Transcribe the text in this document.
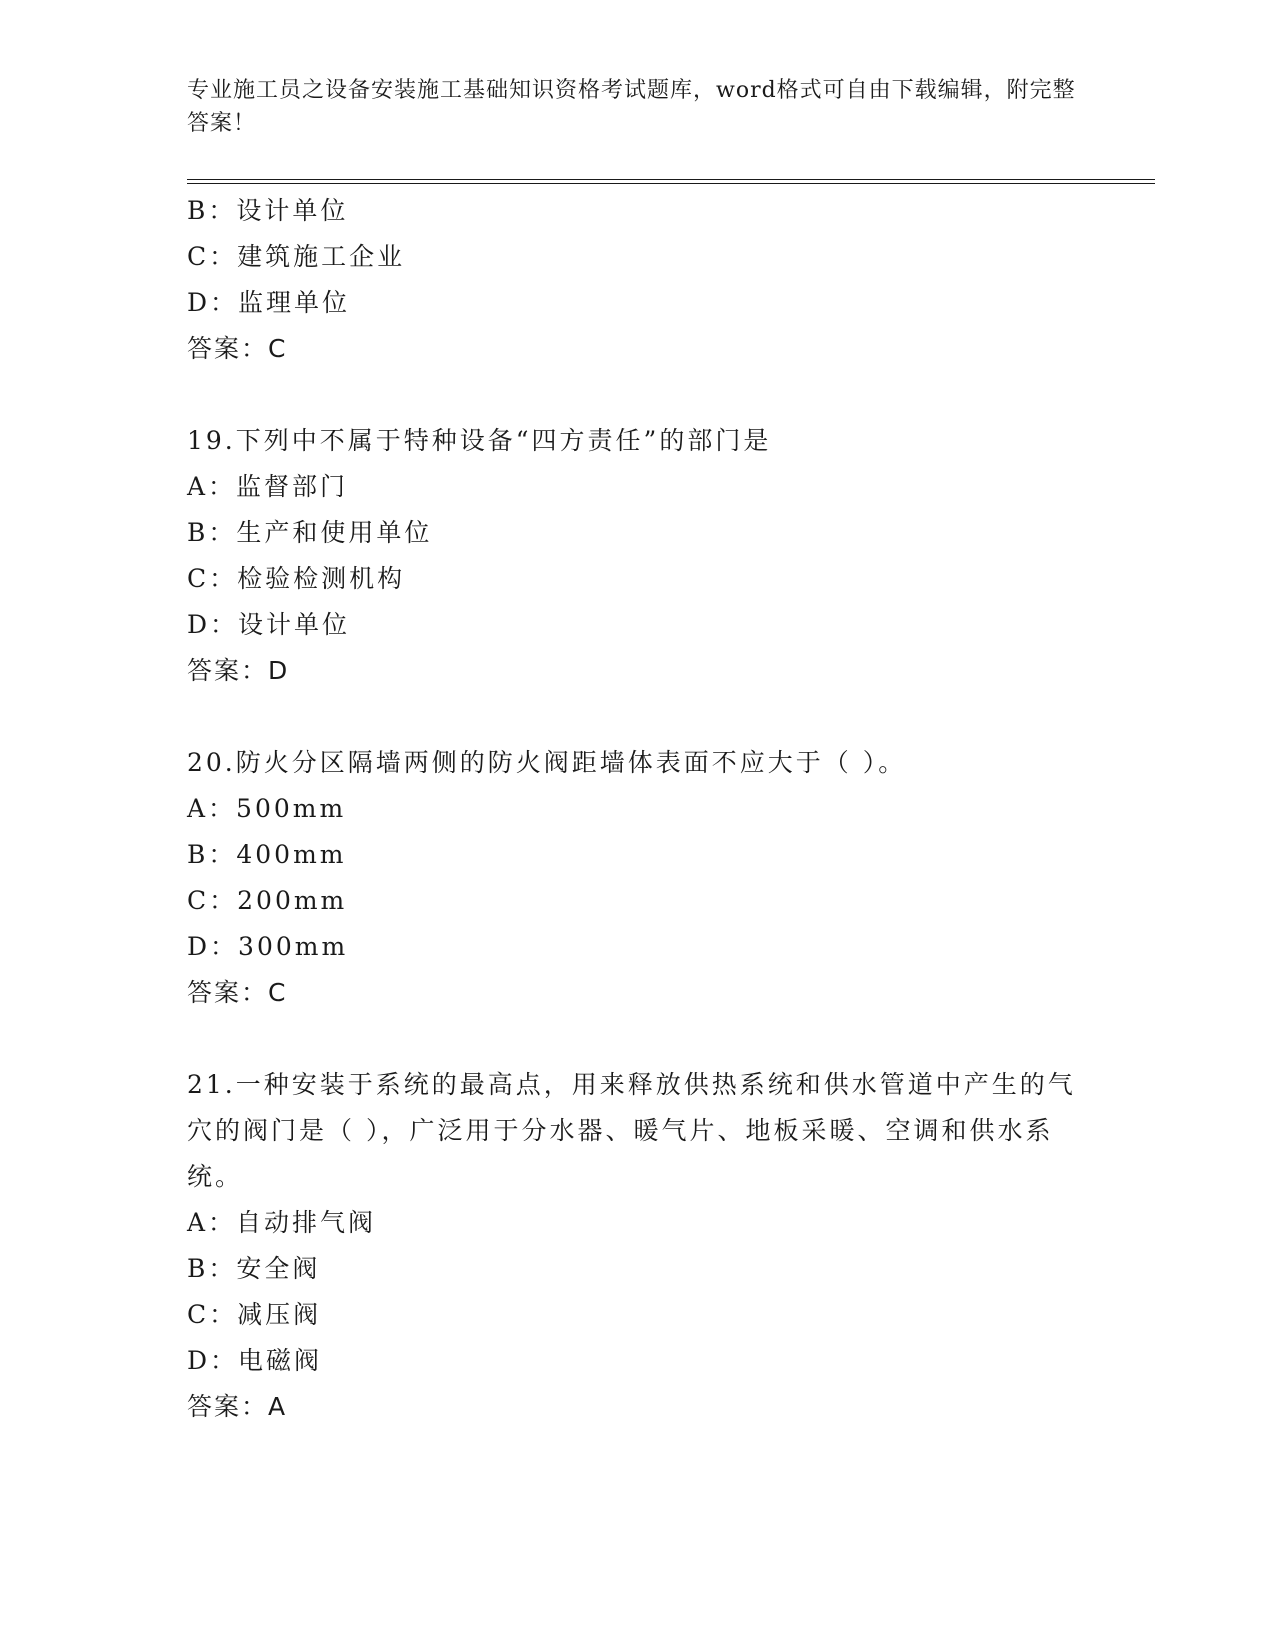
专业施工员之设备安装施工基础知识资格考试题库，word格式可自由下载编辑，附完整答案！
B：设计单位
C：建筑施工企业
D：监理单位
答案：C
19.下列中不属于特种设备“四方责任”的部门是
A：监督部门
B：生产和使用单位
C：检验检测机构
D：设计单位
答案：D
20.防火分区隔墙两侧的防火阀距墙体表面不应大于（ ）。
A：500mm
B：400mm
C：200mm
D：300mm
答案：C
21.一种安装于系统的最高点，用来释放供热系统和供水管道中产生的气穴的阀门是（ ），广泛用于分水器、暖气片、地板采暖、空调和供水系统。
A：自动排气阀
B：安全阀
C：减压阀
D：电磁阀
答案：A
